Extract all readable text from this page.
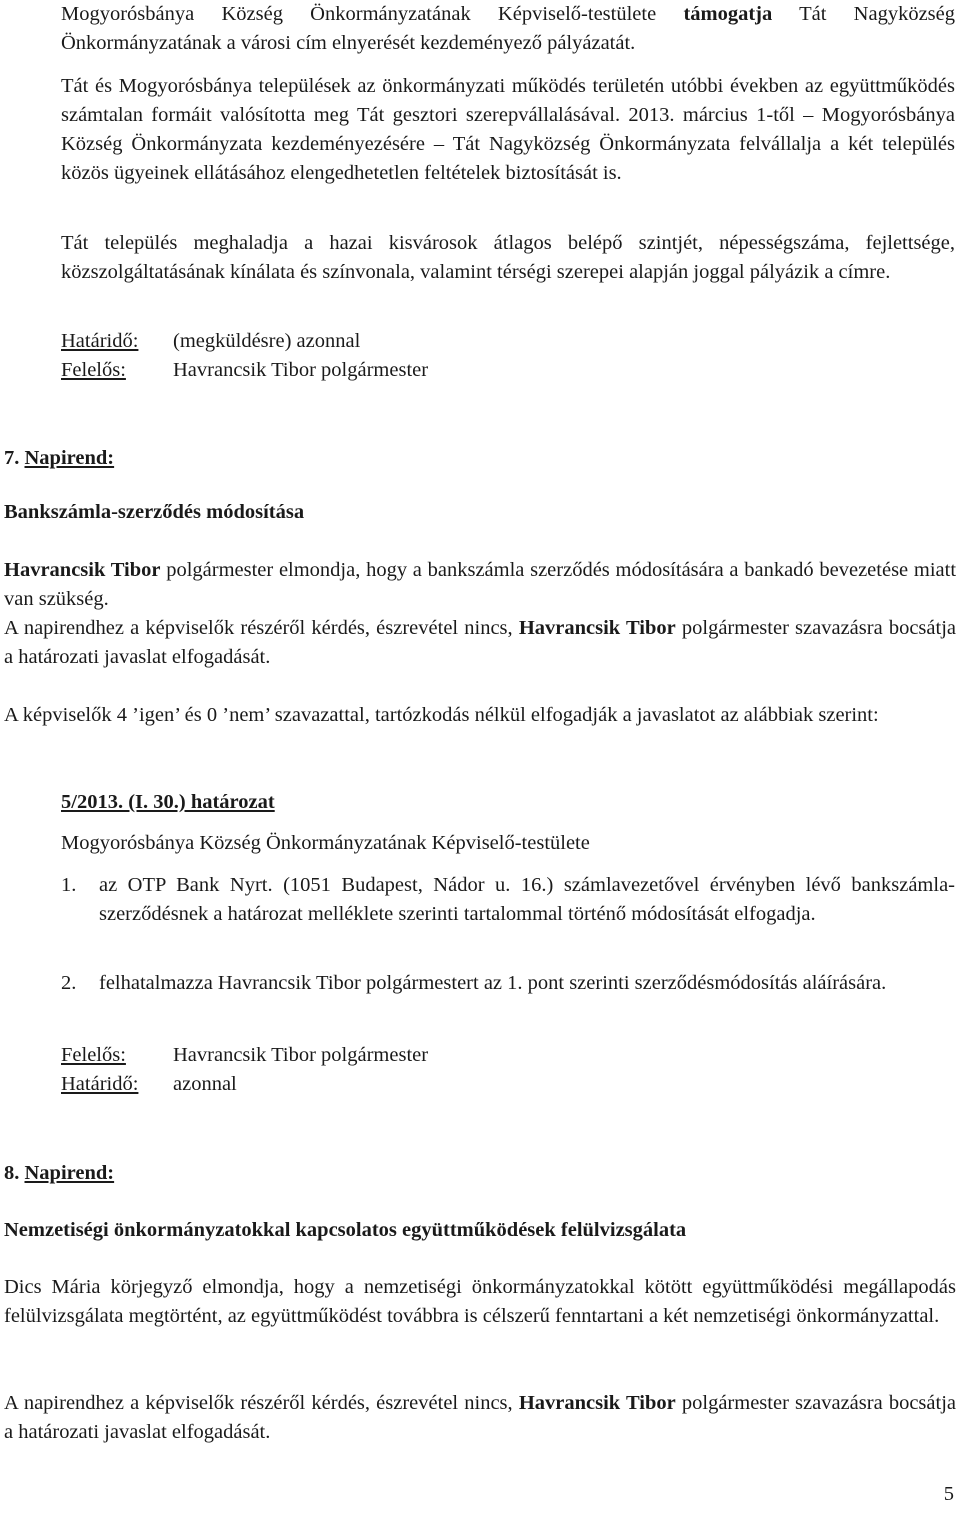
Mogyorósbánya Község Önkormányzatának Képviselő-testülete támogatja Tát Nagyközség Önkormányzatának a városi cím elnyerését kezdeményező pályázatát.

Tát és Mogyorósbánya települések az önkormányzati működés területén utóbbi években az együttműködés számtalan formáit valósította meg Tát gesztori szerepvállalásával. 2013. március 1-től – Mogyorósbánya Község Önkormányzata kezdeményezésére – Tát Nagyközség Önkormányzata felvállalja a két település közös ügyeinek ellátásához elengedhetetlen feltételek biztosítását is.

Tát település meghaladja a hazai kisvárosok átlagos belépő szintjét, népességszáma, fejlettsége, közszolgáltatásának kínálata és színvonala, valamint térségi szerepei alapján joggal pályázik a címre.

Határidő:	(megküldésre) azonnal
Felelős:	Havrancsik Tibor polgármester
7. Napirend:
Bankszámla-szerződés módosítása

Havrancsik Tibor polgármester elmondja, hogy a bankszámla szerződés módosítására a bankadó bevezetése miatt van szükség.

A napirendhez a képviselők részéről kérdés, észrevétel nincs, Havrancsik Tibor polgármester szavazásra bocsátja a határozati javaslat elfogadását.

A képviselők 4 ’igen’ és 0 ’nem’ szavazattal, tartózkodás nélkül elfogadják a javaslatot az alábbiak szerint:

5/2013. (I. 30.) határozat
Mogyorósbánya Község Önkormányzatának Képviselő-testülete
1.	az OTP Bank Nyrt. (1051 Budapest, Nádor u. 16.) számlavezetővel érvényben lévő bankszámla-szerződésnek a határozat melléklete szerinti tartalommal történő módosítását elfogadja.
2.	felhatalmazza Havrancsik Tibor polgármestert az 1. pont szerinti szerződésmódosítás aláírására.
Felelős:	Havrancsik Tibor polgármester
Határidő:	azonnal
8. Napirend:
Nemzetiségi önkormányzatokkal kapcsolatos együttműködések felülvizsgálata

Dics Mária körjegyző elmondja, hogy a nemzetiségi önkormányzatokkal kötött együttműködési megállapodás felülvizsgálata megtörtént, az együttműködést továbbra is célszerű fenntartani a két nemzetiségi önkormányzattal.

A napirendhez a képviselők részéről kérdés, észrevétel nincs, Havrancsik Tibor polgármester szavazásra bocsátja a határozati javaslat elfogadását.

5
